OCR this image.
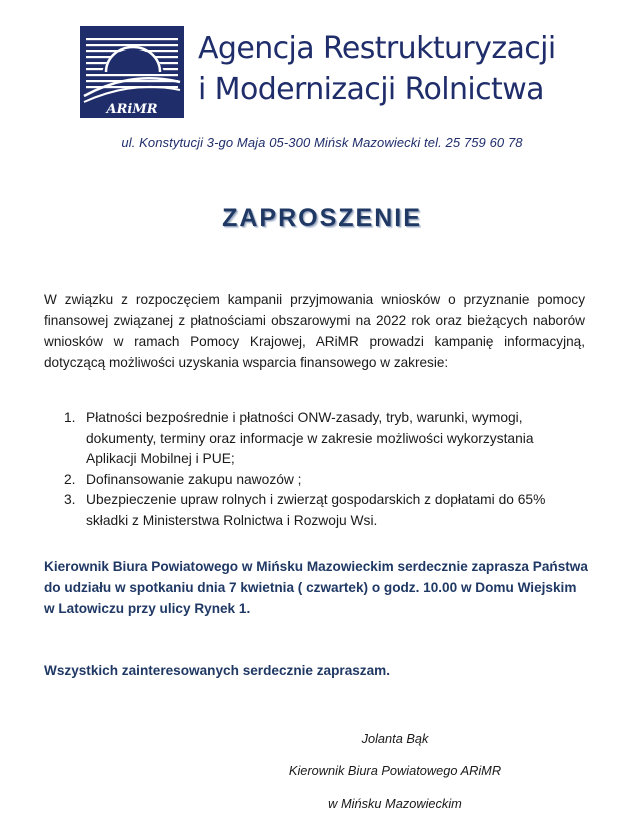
ARiMR
Agencja Restrukturyzacji
i Modernizacji Rolnictwa
ul. Konstytucji 3-go Maja 05-300 Mińsk Mazowiecki tel. 25 759 60 78
ZAPROSZENIE
W związku z rozpoczęciem kampanii przyjmowania wniosków o przyznanie pomocy finansowej związanej z płatnościami obszarowymi na 2022 rok oraz bieżących naborów wniosków w ramach Pomocy Krajowej, ARiMR prowadzi kampanię informacyjną, dotyczącą możliwości uzyskania wsparcia finansowego w zakresie:
1. Płatności bezpośrednie i płatności ONW-zasady, tryb, warunki, wymogi, dokumenty, terminy oraz informacje w zakresie możliwości wykorzystania Aplikacji Mobilnej i PUE;
2. Dofinansowanie zakupu nawozów ;
3. Ubezpieczenie upraw rolnych i zwierząt gospodarskich z dopłatami do 65% składki z Ministerstwa Rolnictwa i Rozwoju Wsi.
Kierownik Biura Powiatowego w Mińsku Mazowieckim serdecznie zaprasza Państwa do udziału w spotkaniu dnia 7 kwietnia ( czwartek) o godz. 10.00 w Domu Wiejskim w Latowiczu przy ulicy Rynek 1.
Wszystkich zainteresowanych serdecznie zapraszam.
Jolanta Bąk
Kierownik Biura Powiatowego ARiMR
w Mińsku Mazowieckim
